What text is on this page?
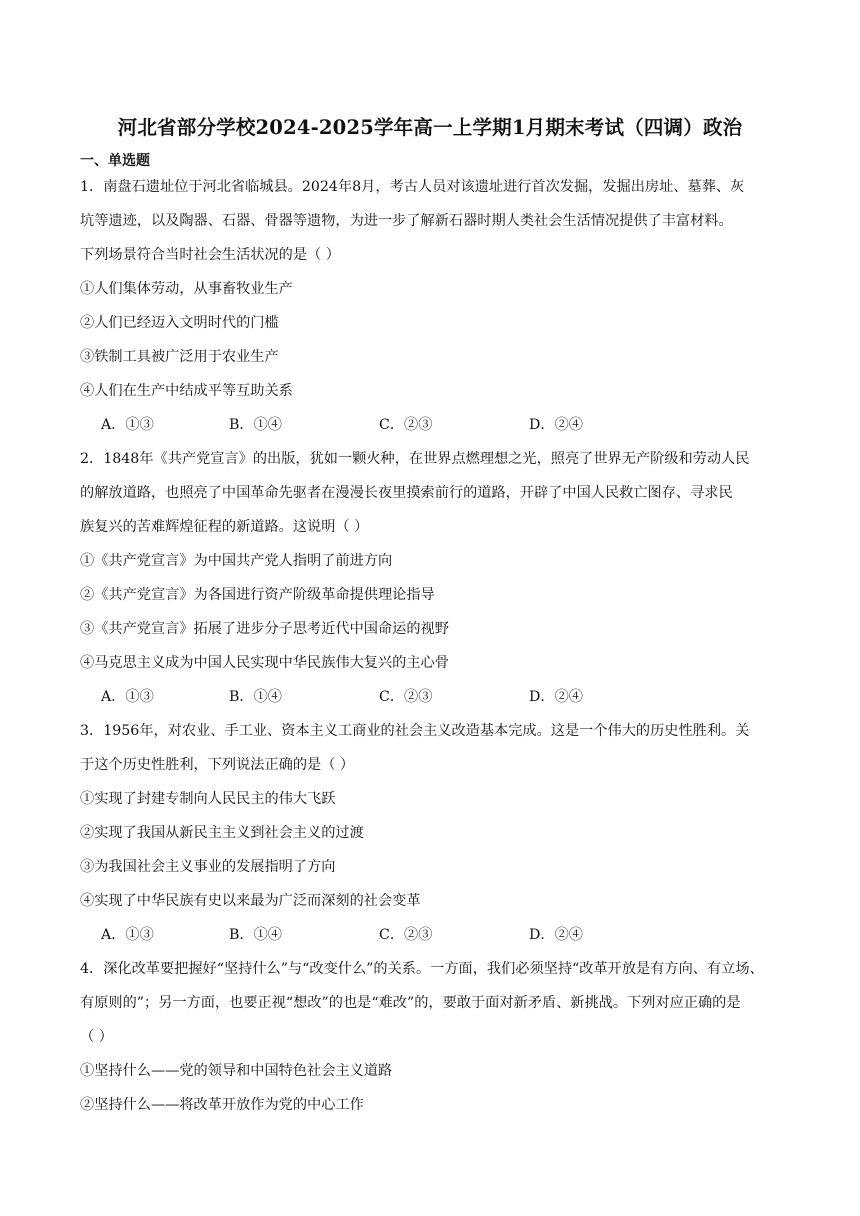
河北省部分学校2024-2025学年高一上学期1月期末考试（四调）政治
一、单选题
1．南盘石遗址位于河北省临城县。2024年8月，考古人员对该遗址进行首次发掘，发掘出房址、墓葬、灰
坑等遗迹，以及陶器、石器、骨器等遗物，为进一步了解新石器时期人类社会生活情况提供了丰富材料。
下列场景符合当时社会生活状况的是（ ）
①人们集体劳动，从事畜牧业生产
②人们已经迈入文明时代的门槛
③铁制工具被广泛用于农业生产
④人们在生产中结成平等互助关系
A．①③	B．①④	C．②③	D．②④
2．1848年《共产党宣言》的出版，犹如一颗火种，在世界点燃理想之光，照亮了世界无产阶级和劳动人民
的解放道路，也照亮了中国革命先驱者在漫漫长夜里摸索前行的道路，开辟了中国人民救亡图存、寻求民
族复兴的苦难辉煌征程的新道路。这说明（ ）
①《共产党宣言》为中国共产党人指明了前进方向
②《共产党宣言》为各国进行资产阶级革命提供理论指导
③《共产党宣言》拓展了进步分子思考近代中国命运的视野
④马克思主义成为中国人民实现中华民族伟大复兴的主心骨
A．①③	B．①④	C．②③	D．②④
3．1956年，对农业、手工业、资本主义工商业的社会主义改造基本完成。这是一个伟大的历史性胜利。关
于这个历史性胜利，下列说法正确的是（ ）
①实现了封建专制向人民民主的伟大飞跃
②实现了我国从新民主主义到社会主义的过渡
③为我国社会主义事业的发展指明了方向
④实现了中华民族有史以来最为广泛而深刻的社会变革
A．①③	B．①④	C．②③	D．②④
4．深化改革要把握好“坚持什么”与“改变什么”的关系。一方面，我们必须坚持“改革开放是有方向、有立场、
有原则的”；另一方面，也要正视“想改”的也是“难改”的，要敢于面对新矛盾、新挑战。下列对应正确的是
（ ）
①坚持什么——党的领导和中国特色社会主义道路
②坚持什么——将改革开放作为党的中心工作
